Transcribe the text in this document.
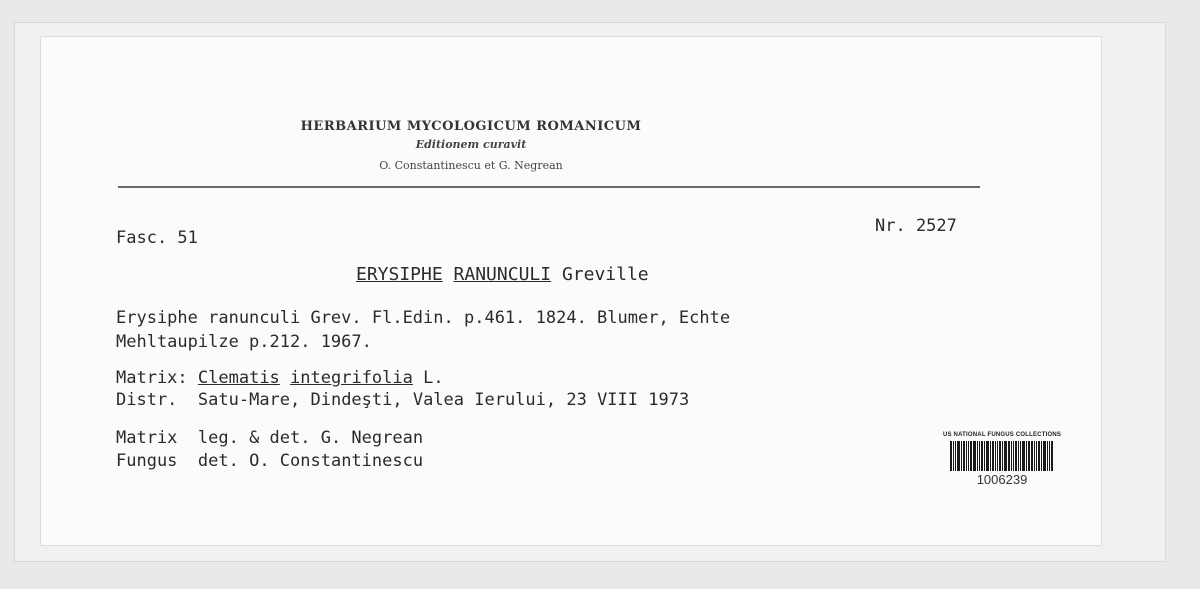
HERBARIUM MYCOLOGICUM ROMANICUM
Editionem curavit
O. Constantinescu et G. Negrean
Fasc. 51
Nr. 2527
ERYSIPHE RANUNCULI Greville
Erysiphe ranunculi Grev. Fl.Edin. p.461. 1824. Blumer, Echte
Mehltaupilze p.212. 1967.
Matrix: Clematis integrifolia L.
Distr. Satu-Mare, Dindeşti, Valea Ierului, 23 VIII 1973
Matrix leg. & det. G. Negrean
Fungus det. O. Constantinescu
US NATIONAL FUNGUS COLLECTIONS
1006239
